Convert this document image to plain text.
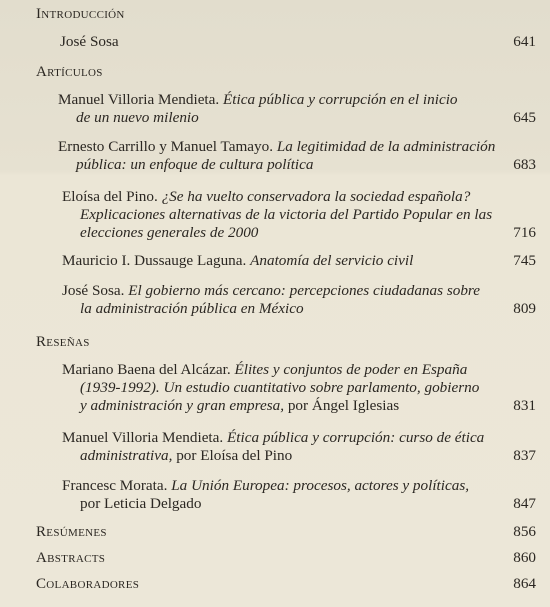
Introducción
José Sosa	641
Artículos
Manuel Villoria Mendieta. Ética pública y corrupción en el inicio
de un nuevo milenio	645
Ernesto Carrillo y Manuel Tamayo. La legitimidad de la administración
pública: un enfoque de cultura política	683
Eloísa del Pino. ¿Se ha vuelto conservadora la sociedad española?
Explicaciones alternativas de la victoria del Partido Popular en las
elecciones generales de 2000	716
Mauricio I. Dussauge Laguna. Anatomía del servicio civil	745
José Sosa. El gobierno más cercano: percepciones ciudadanas sobre
la administración pública en México	809
Reseñas
Mariano Baena del Alcázar. Élites y conjuntos de poder en España
(1939-1992). Un estudio cuantitativo sobre parlamento, gobierno
y administración y gran empresa, por Ángel Iglesias	831
Manuel Villoria Mendieta. Ética pública y corrupción: curso de ética
administrativa, por Eloísa del Pino	837
Francesc Morata. La Unión Europea: procesos, actores y políticas,
por Leticia Delgado	847
Resúmenes	856
Abstracts	860
Colaboradores	864
